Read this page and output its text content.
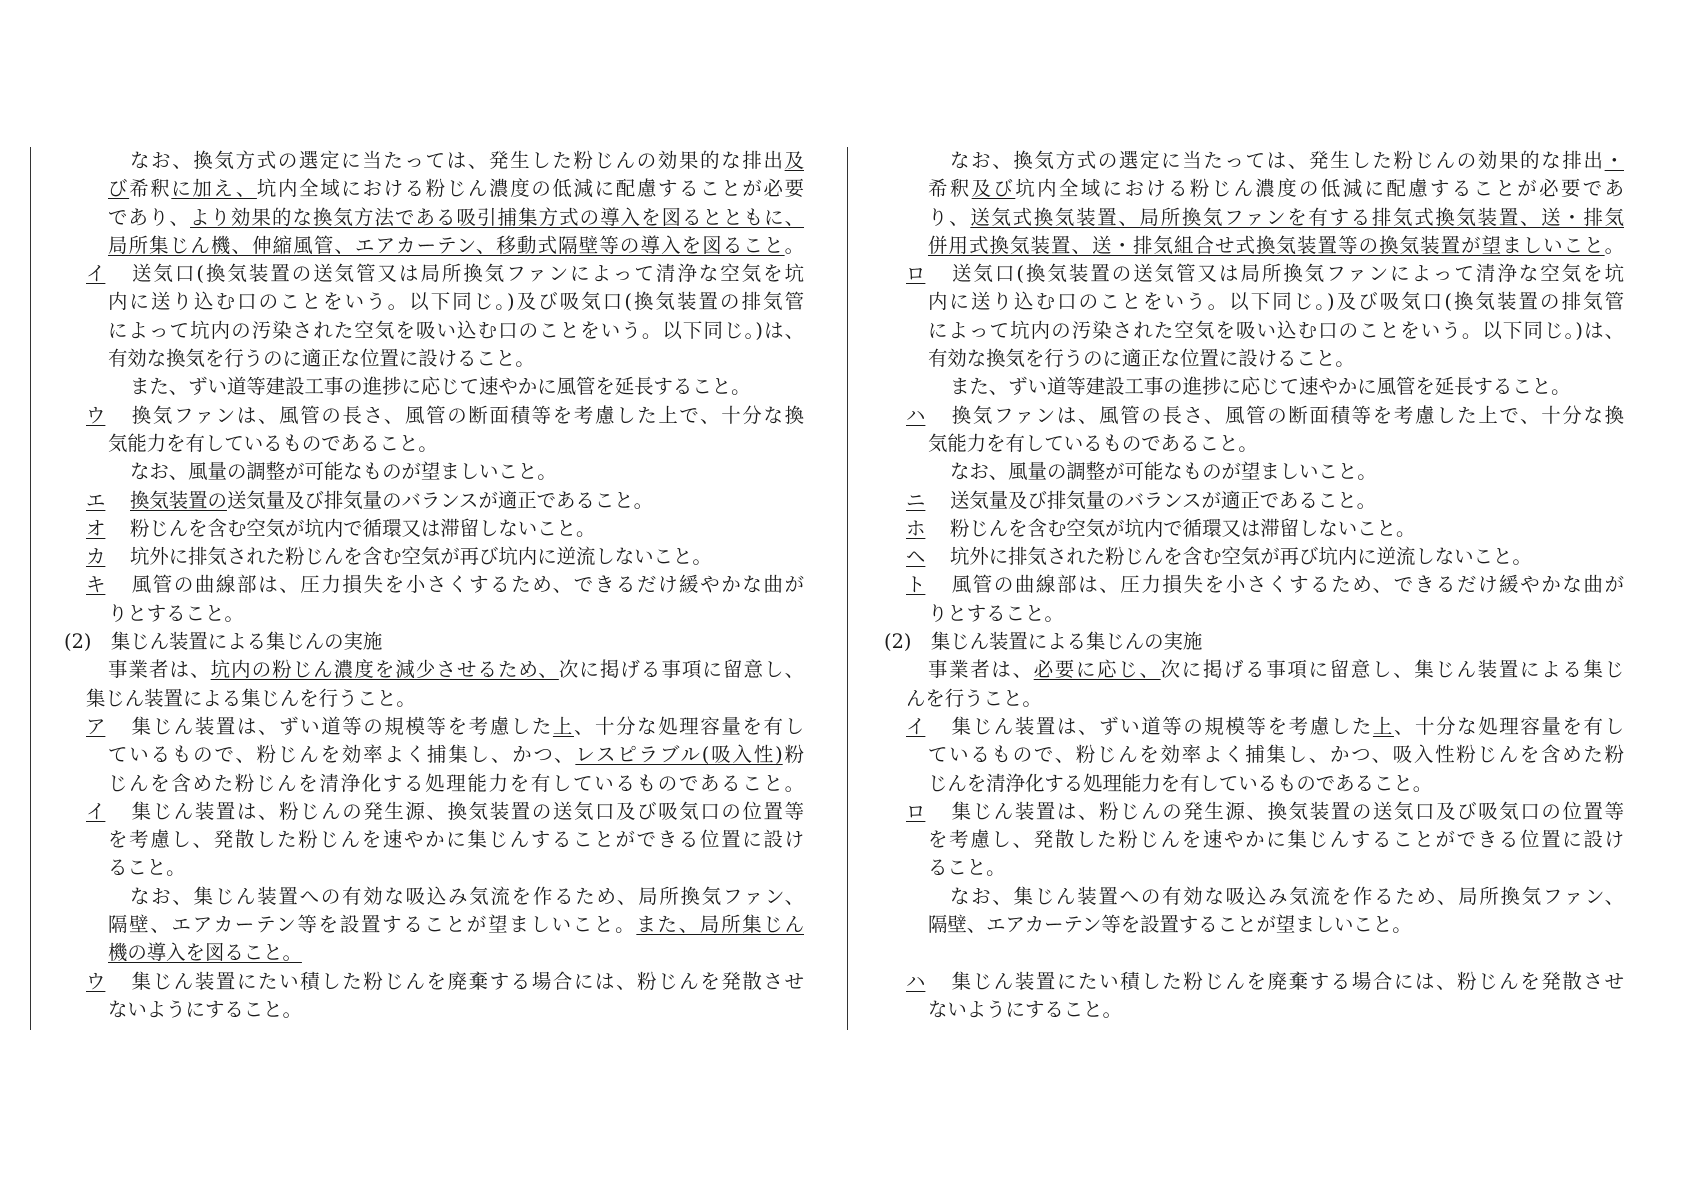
なお、換気方式の選定に当たっては、発生した粉じんの効果的な排出及

び希釈に加え、坑内全域における粉じん濃度の低減に配慮することが必要

であり、より効果的な換気方法である吸引捕集方式の導入を図るとともに、

局所集じん機、伸縮風管、エアカーテン、移動式隔壁等の導入を図ること。

イ 送気口(換気装置の送気管又は局所換気ファンによって清浄な空気を坑

内に送り込む口のことをいう。以下同じ。)及び吸気口(換気装置の排気管

によって坑内の汚染された空気を吸い込む口のことをいう。以下同じ。)は、

有効な換気を行うのに適正な位置に設けること。

また、ずい道等建設工事の進捗に応じて速やかに風管を延長すること。

ウ 換気ファンは、風管の長さ、風管の断面積等を考慮した上で、十分な換

気能力を有しているものであること。

なお、風量の調整が可能なものが望ましいこと。

エ 換気装置の送気量及び排気量のバランスが適正であること。

オ 粉じんを含む空気が坑内で循環又は滞留しないこと。

カ 坑外に排気された粉じんを含む空気が再び坑内に逆流しないこと。

キ 風管の曲線部は、圧力損失を小さくするため、できるだけ緩やかな曲が

りとすること。

(2)　集じん装置による集じんの実施

事業者は、坑内の粉じん濃度を減少させるため、次に掲げる事項に留意し、

集じん装置による集じんを行うこと。

ア 集じん装置は、ずい道等の規模等を考慮した上、十分な処理容量を有し

ているもので、粉じんを効率よく捕集し、かつ、レスピラブル(吸入性)粉

じんを含めた粉じんを清浄化する処理能力を有しているものであること。

イ 集じん装置は、粉じんの発生源、換気装置の送気口及び吸気口の位置等

を考慮し、発散した粉じんを速やかに集じんすることができる位置に設け

ること。

なお、集じん装置への有効な吸込み気流を作るため、局所換気ファン、

隔壁、エアカーテン等を設置することが望ましいこと。また、局所集じん

機の導入を図ること。

ウ 集じん装置にたい積した粉じんを廃棄する場合には、粉じんを発散させ

ないようにすること。

なお、換気方式の選定に当たっては、発生した粉じんの効果的な排出・

希釈及び坑内全域における粉じん濃度の低減に配慮することが必要であ

り、送気式換気装置、局所換気ファンを有する排気式換気装置、送・排気

併用式換気装置、送・排気組合せ式換気装置等の換気装置が望ましいこと。

ロ 送気口(換気装置の送気管又は局所換気ファンによって清浄な空気を坑

内に送り込む口のことをいう。以下同じ。)及び吸気口(換気装置の排気管

によって坑内の汚染された空気を吸い込む口のことをいう。以下同じ。)は、

有効な換気を行うのに適正な位置に設けること。

また、ずい道等建設工事の進捗に応じて速やかに風管を延長すること。

ハ 換気ファンは、風管の長さ、風管の断面積等を考慮した上で、十分な換

気能力を有しているものであること。

なお、風量の調整が可能なものが望ましいこと。

ニ 送気量及び排気量のバランスが適正であること。

ホ 粉じんを含む空気が坑内で循環又は滞留しないこと。

ヘ 坑外に排気された粉じんを含む空気が再び坑内に逆流しないこと。

ト 風管の曲線部は、圧力損失を小さくするため、できるだけ緩やかな曲が

りとすること。

(2)　集じん装置による集じんの実施

事業者は、必要に応じ、次に掲げる事項に留意し、集じん装置による集じ

んを行うこと。

イ 集じん装置は、ずい道等の規模等を考慮した上、十分な処理容量を有し

ているもので、粉じんを効率よく捕集し、かつ、吸入性粉じんを含めた粉

じんを清浄化する処理能力を有しているものであること。

ロ 集じん装置は、粉じんの発生源、換気装置の送気口及び吸気口の位置等

を考慮し、発散した粉じんを速やかに集じんすることができる位置に設け

ること。

なお、集じん装置への有効な吸込み気流を作るため、局所換気ファン、

隔壁、エアカーテン等を設置することが望ましいこと。

ハ 集じん装置にたい積した粉じんを廃棄する場合には、粉じんを発散させ

ないようにすること。
